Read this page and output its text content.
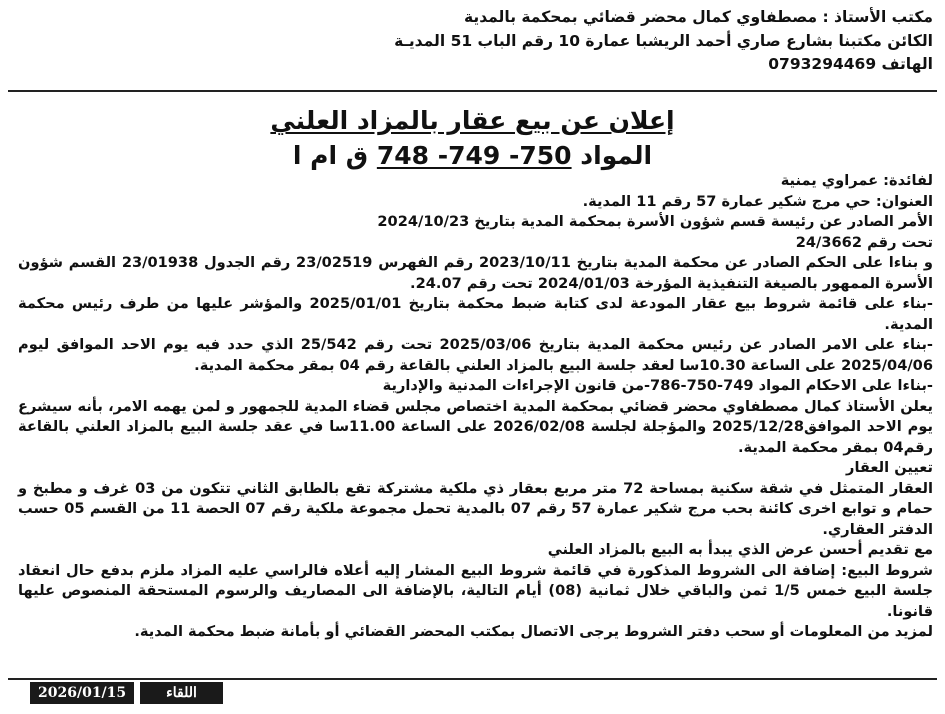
مكتب الأستاذ : مصطفاوي كمال محضر قضائي بمحكمة بالمدية
الكائن مكتبنا بشارع صاري أحمد الريشبا عمارة 10 رقم الباب 51 المديـة
الهاتف 0793294469
إعلان عن بيع عقار بالمزاد العلني
المواد 748 -749 -750 ق ام ا

لفائدة: عمراوي يمنية

العنوان: حي مرج شكير عمارة 57 رقم 11 المدية.

الأمر الصادر عن رئيسة قسم شؤون الأسرة بمحكمة المدية بتاريخ 2024/10/23

تحت رقم 24/3662

و بناءا على الحكم الصادر عن محكمة المدية بتاريخ 2023/10/11 رقم الفهرس 23/02519 رقم الجدول 23/01938 القسم شؤون الأسرة الممهور بالصيغة التنفيذية المؤرخة 2024/01/03 تحت رقم 24.07.

-بناء على قائمة شروط بيع عقار المودعة لدى كتابة ضبط محكمة بتاريخ 2025/01/01 والمؤشر عليها من طرف رئيس محكمة المدية.

-بناء على الامر الصادر عن رئيس محكمة المدية بتاريخ 2025/03/06 تحت رقم 25/542 الذي حدد فيه يوم الاحد الموافق ليوم 2025/04/06 على الساعة 10.30سا لعقد جلسة البيع بالمزاد العلني بالقاعة رقم 04 بمقر محكمة المدية.

-بناءا على الاحكام المواد 749-750-786-من قانون الإجراءات المدنية والإدارية

يعلن الأستاذ كمال مصطفاوي محضر قضائي بمحكمة المدية اختصاص مجلس قضاء المدية للجمهور و لمن يهمه الامر، بأنه سيشرع يوم الاحد الموافق2025/12/28 والمؤجلة لجلسة 2026/02/08 على الساعة 11.00سا في عقد جلسة البيع بالمزاد العلني بالقاعة رقم04 بمقر محكمة المدية.

تعيين العقار

العقار المتمثل في شقة سكنية بمساحة 72 متر مربع بعقار ذي ملكية مشتركة تقع بالطابق الثاني تتكون من 03 غرف و مطبخ و حمام و توابع اخرى كائنة بحب مرج شكير عمارة 57 رقم 07 بالمدية تحمل مجموعة ملكية رقم 07 الحصة 11 من القسم 05 حسب الدفتر العقاري.

مع تقديم أحسن عرض الذي يبدأ به البيع بالمزاد العلني

شروط البيع: إضافة الى الشروط المذكورة في قائمة شروط البيع المشار إليه أعلاه فالراسي عليه المزاد ملزم بدفع حال انعقاد جلسة البيع خمس 1/5 ثمن والباقي خلال ثمانية (08) أيام التالية، بالإضافة الى المصاريف والرسوم المستحقة المنصوص عليها قانونا.

لمزيد من المعلومات أو سحب دفتر الشروط يرجى الاتصال بمكتب المحضر القضائي أو بأمانة ضبط محكمة المدية.

2026/01/15	اللقاء
